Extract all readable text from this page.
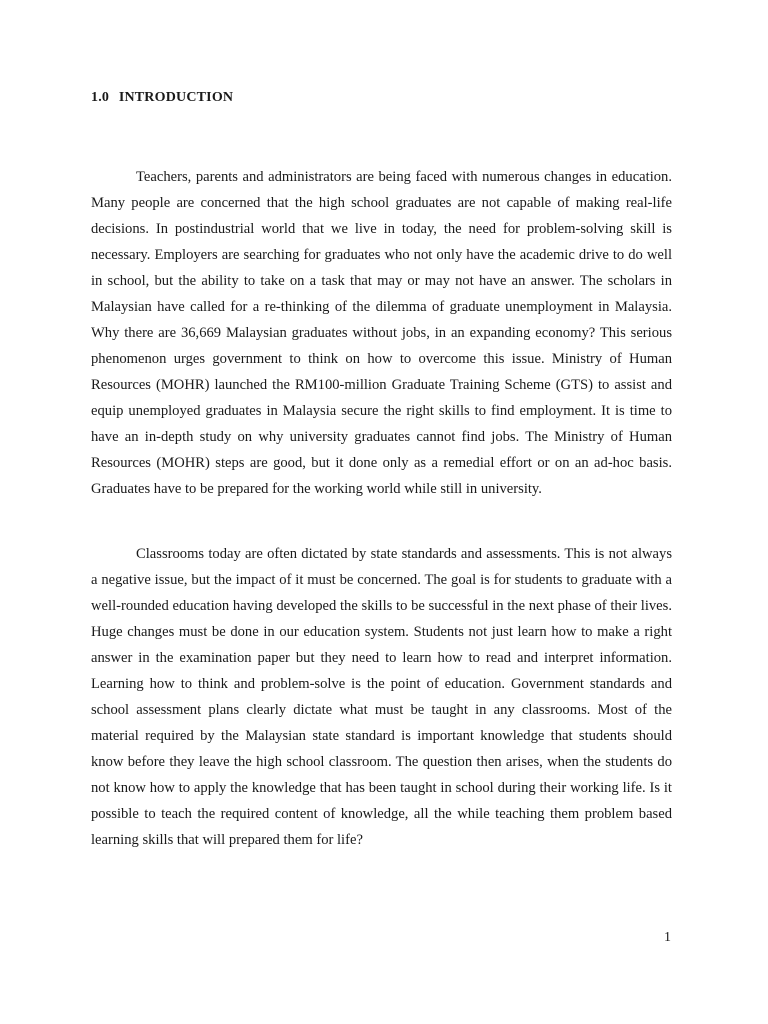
1.0 INTRODUCTION

Teachers, parents and administrators are being faced with numerous changes in education. Many people are concerned that the high school graduates are not capable of making real-life decisions. In postindustrial world that we live in today, the need for problem-solving skill is necessary. Employers are searching for graduates who not only have the academic drive to do well in school, but the ability to take on a task that may or may not have an answer. The scholars in Malaysian have called for a re-thinking of the dilemma of graduate unemployment in Malaysia. Why there are 36,669 Malaysian graduates without jobs, in an expanding economy? This serious phenomenon urges government to think on how to overcome this issue. Ministry of Human Resources (MOHR) launched the RM100-million Graduate Training Scheme (GTS) to assist and equip unemployed graduates in Malaysia secure the right skills to find employment. It is time to have an in-depth study on why university graduates cannot find jobs. The Ministry of Human Resources (MOHR) steps are good, but it done only as a remedial effort or on an ad-hoc basis. Graduates have to be prepared for the working world while still in university.

Classrooms today are often dictated by state standards and assessments. This is not always a negative issue, but the impact of it must be concerned. The goal is for students to graduate with a well-rounded education having developed the skills to be successful in the next phase of their lives. Huge changes must be done in our education system. Students not just learn how to make a right answer in the examination paper but they need to learn how to read and interpret information. Learning how to think and problem-solve is the point of education. Government standards and school assessment plans clearly dictate what must be taught in any classrooms. Most of the material required by the Malaysian state standard is important knowledge that students should know before they leave the high school classroom. The question then arises, when the students do not know how to apply the knowledge that has been taught in school during their working life. Is it possible to teach the required content of knowledge, all the while teaching them problem based learning skills that will prepared them for life?

1
